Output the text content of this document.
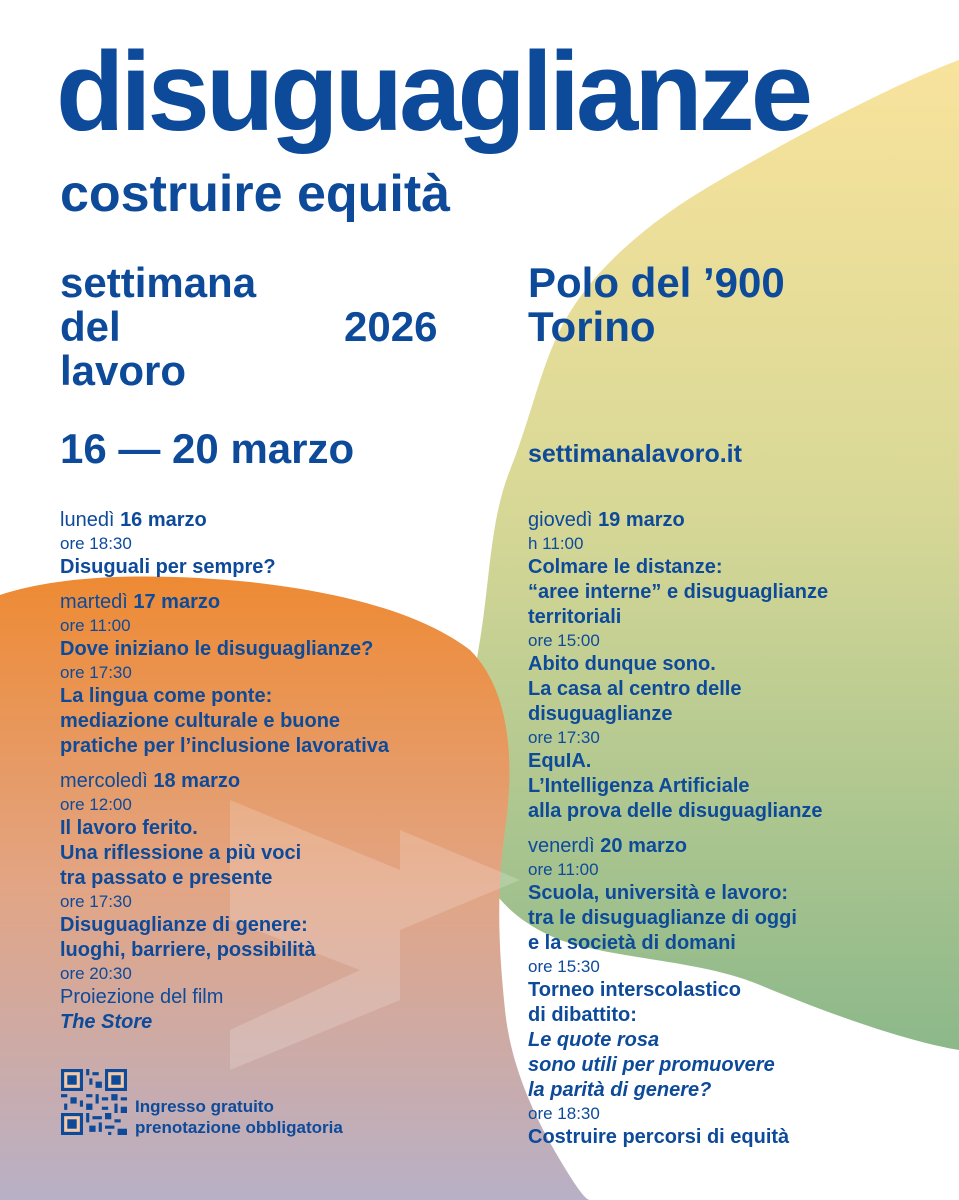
disuguaglianze
costruire equità
settimana
del
lavoro
2026
Polo del ’900
Torino
16 — 20 marzo	settimanalavoro.it
lunedì 16 marzo
ore 18:30
Disuguali per sempre?
martedì 17 marzo
ore 11:00
Dove iniziano le disuguaglianze?
ore 17:30
La lingua come ponte:
mediazione culturale e buone
pratiche per l’inclusione lavorativa
mercoledì 18 marzo
ore 12:00
Il lavoro ferito.
Una riflessione a più voci
tra passato e presente
ore 17:30
Disuguaglianze di genere:
luoghi, barriere, possibilità
ore 20:30
Proiezione del film
The Store
giovedì 19 marzo
h 11:00
Colmare le distanze:
“aree interne” e disuguaglianze
territoriali
ore 15:00
Abito dunque sono.
La casa al centro delle
disuguaglianze
ore 17:30
EquIA.
L’Intelligenza Artificiale
alla prova delle disuguaglianze
venerdì 20 marzo
ore 11:00
Scuola, università e lavoro:
tra le disuguaglianze di oggi
e la società di domani
ore 15:30
Torneo interscolastico
di dibattito:
Le quote rosa
sono utili per promuovere
la parità di genere?
ore 18:30
Costruire percorsi di equità
Ingresso gratuito
prenotazione obbligatoria
